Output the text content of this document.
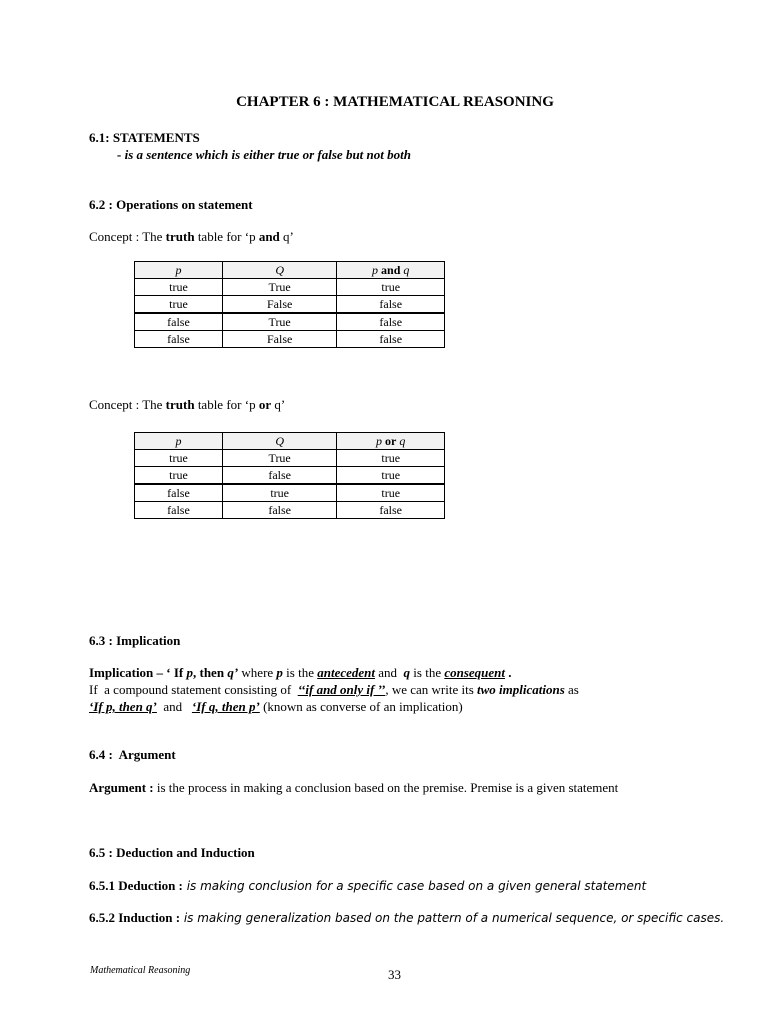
CHAPTER 6 : MATHEMATICAL REASONING
6.1: STATEMENTS
- is a sentence which is either true or false but not both
6.2 : Operations on statement
Concept : The truth table for ‘p and q’
p	Q	p and q
true	True	true
true	False	false
false	True	false
false	False	false
Concept : The truth table for ‘p or q’
p	Q	p or q
true	True	true
true	false	true
false	true	true
false	false	false
6.3 : Implication
Implication – ‘ If p, then q’ where p is the antecedent and  q is the consequent .
If  a compound statement consisting of  ‘‘if and only if ’’, we can write its two implications as
‘If p, then q’  and   ‘If q, then p’ (known as converse of an implication)
6.4 :  Argument
Argument : is the process in making a conclusion based on the premise. Premise is a given statement
6.5 : Deduction and Induction
6.5.1 Deduction : is making conclusion for a specific case based on a given general statement
6.5.2 Induction : is making generalization based on the pattern of a numerical sequence, or specific cases.
Mathematical Reasoning	33
